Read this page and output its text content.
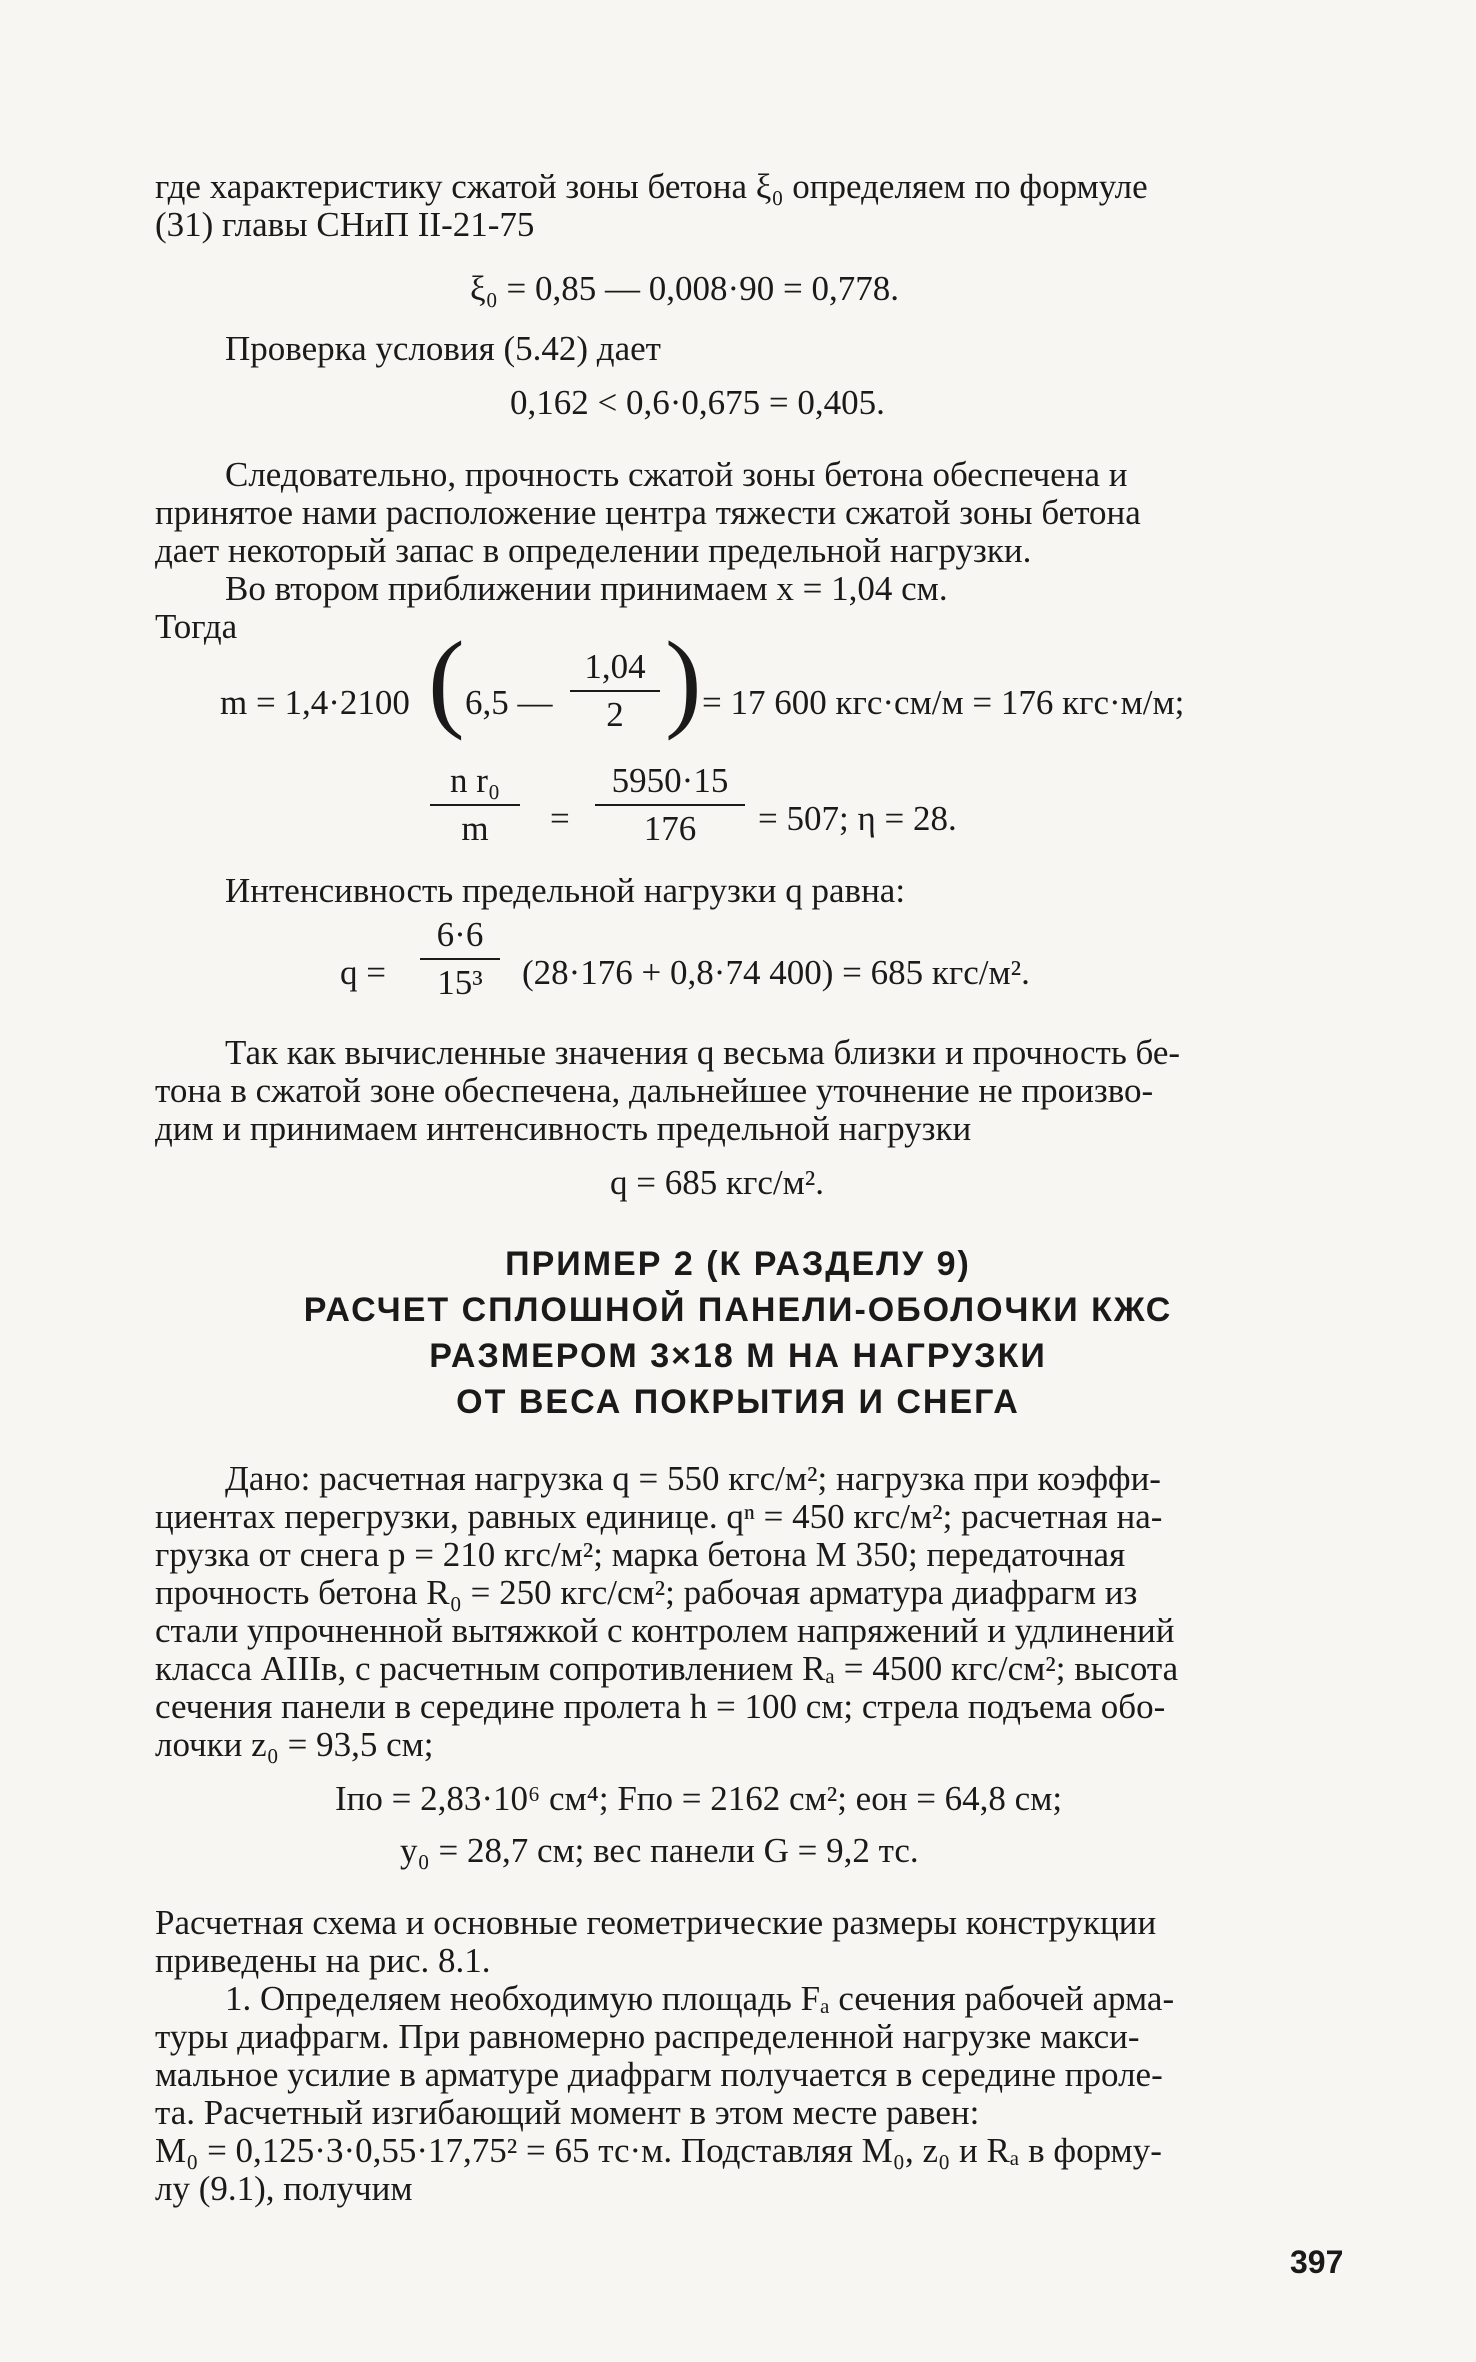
где характеристику сжатой зоны бетона ξ₀ определяем по формуле
(31) главы СНиП II-21-75
ξ₀ = 0,85 — 0,008·90 = 0,778.
Проверка условия (5.42) дает
0,162 < 0,6·0,675 = 0,405.
Следовательно, прочность сжатой зоны бетона обеспечена и
принятое нами расположение центра тяжести сжатой зоны бетона
дает некоторый запас в определении предельной нагрузки.
Во втором приближении принимаем x = 1,04 см.
Тогда
m = 1,4·2100 ( 6,5 —
1,04
2 ) = 17 600 кгс·см/м = 176 кгс·м/м;
n r₀
m	=
5950·15
176	= 507; η = 28.
Интенсивность предельной нагрузки q равна:
q =
6·6
15³	(28·176 + 0,8·74 400) = 685 кгс/м².
Так как вычисленные значения q весьма близки и прочность бе-
тона в сжатой зоне обеспечена, дальнейшее уточнение не произво-
дим и принимаем интенсивность предельной нагрузки
q = 685 кгс/м².
ПРИМЕР 2 (К РАЗДЕЛУ 9)
РАСЧЕТ СПЛОШНОЙ ПАНЕЛИ-ОБОЛОЧКИ КЖС
РАЗМЕРОМ 3×18 М НА НАГРУЗКИ
ОТ ВЕСА ПОКРЫТИЯ И СНЕГА
Дано: расчетная нагрузка q = 550 кгс/м²; нагрузка при коэффи-
циентах перегрузки, равных единице. qⁿ = 450 кгс/м²; расчетная на-
грузка от снега p = 210 кгс/м²; марка бетона М 350; передаточная
прочность бетона R₀ = 250 кгс/см²; рабочая арматура диафрагм из
стали упрочненной вытяжкой с контролем напряжений и удлинений
класса AIIIв, с расчетным сопротивлением Rₐ = 4500 кгс/см²; высота
сечения панели в середине пролета h = 100 см; стрела подъема обо-
лочки z₀ = 93,5 см;
Iпо = 2,83·10⁶ см⁴; Fпо = 2162 см²; eон = 64,8 см;
y₀ = 28,7 см; вес панели G = 9,2 тс.
Расчетная схема и основные геометрические размеры конструкции
приведены на рис. 8.1.
1. Определяем необходимую площадь Fₐ сечения рабочей арма-
туры диафрагм. При равномерно распределенной нагрузке макси-
мальное усилие в арматуре диафрагм получается в середине проле-
та. Расчетный изгибающий момент в этом месте равен:
M₀ = 0,125·3·0,55·17,75² = 65 тс·м. Подставляя M₀, z₀ и Rₐ в форму-
лу (9.1), получим
397
